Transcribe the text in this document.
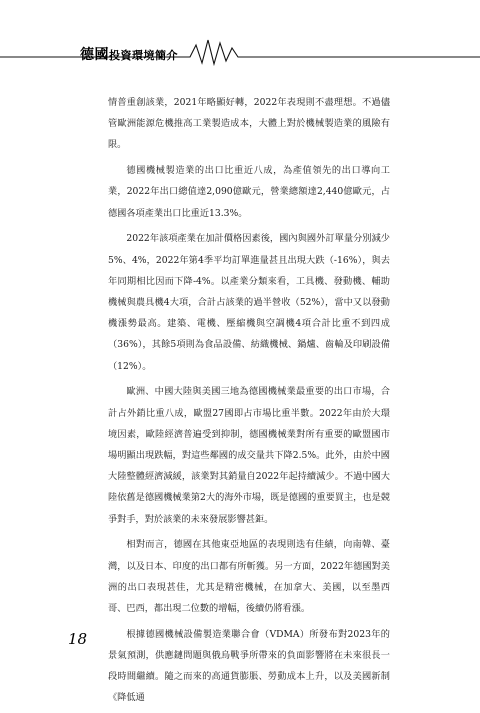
德國投資環境簡介

情普重創該業，2021年略顯好轉，2022年表現則不盡理想。不過儘管歐洲能源危機推高工業製造成本，大體上對於機械製造業的風險有限。

德國機械製造業的出口比重近八成，為產值領先的出口導向工業，2022年出口總值達2,090億歐元，營業總額達2,440億歐元，占德國各項產業出口比重近13.3%。

2022年該項產業在加計價格因素後，國內與國外訂單量分別減少5%、4%，2022年第4季平均訂單進量甚且出現大跌（-16%），與去年同期相比因而下降-4%。以產業分類來看，工具機、發動機、輔助機械與農具機4大項，合計占該業的過半營收（52%），當中又以發動機漲勢最高。建築、電機、壓縮機與空調機4項合計比重不到四成（36%），其餘5項則為食品設備、紡織機械、鍋爐、齒輪及印刷設備（12%）。

歐洲、中國大陸與美國三地為德國機械業最重要的出口市場，合計占外銷比重八成，歐盟27國即占市場比重半數。2022年由於大環境因素，歐陸經濟普遍受到抑制，德國機械業對所有重要的歐盟國市場明顯出現跌幅，對這些鄰國的成交量共下降2.5%。此外，由於中國大陸整體經濟減緩，該業對其銷量自2022年起持續減少。不過中國大陸依舊是德國機械業第2大的海外市場，既是德國的重要買主，也是競爭對手，對於該業的未來發展影響甚鉅。

相對而言，德國在其他東亞地區的表現則迭有佳績，向南韓、臺灣，以及日本、印度的出口都有所斬獲。另一方面，2022年德國對美洲的出口表現甚佳，尤其是精密機械，在加拿大、美國，以至墨西哥、巴西，都出現二位數的增幅，後續仍將看漲。

根據德國機械設備製造業聯合會（VDMA）所發布對2023年的景氣預測，供應鏈問題與俄烏戰爭所帶來的負面影響將在未來很長一段時間繼續。隨之而來的高通貨膨脹、勞動成本上升，以及美國新制《降低通

18
